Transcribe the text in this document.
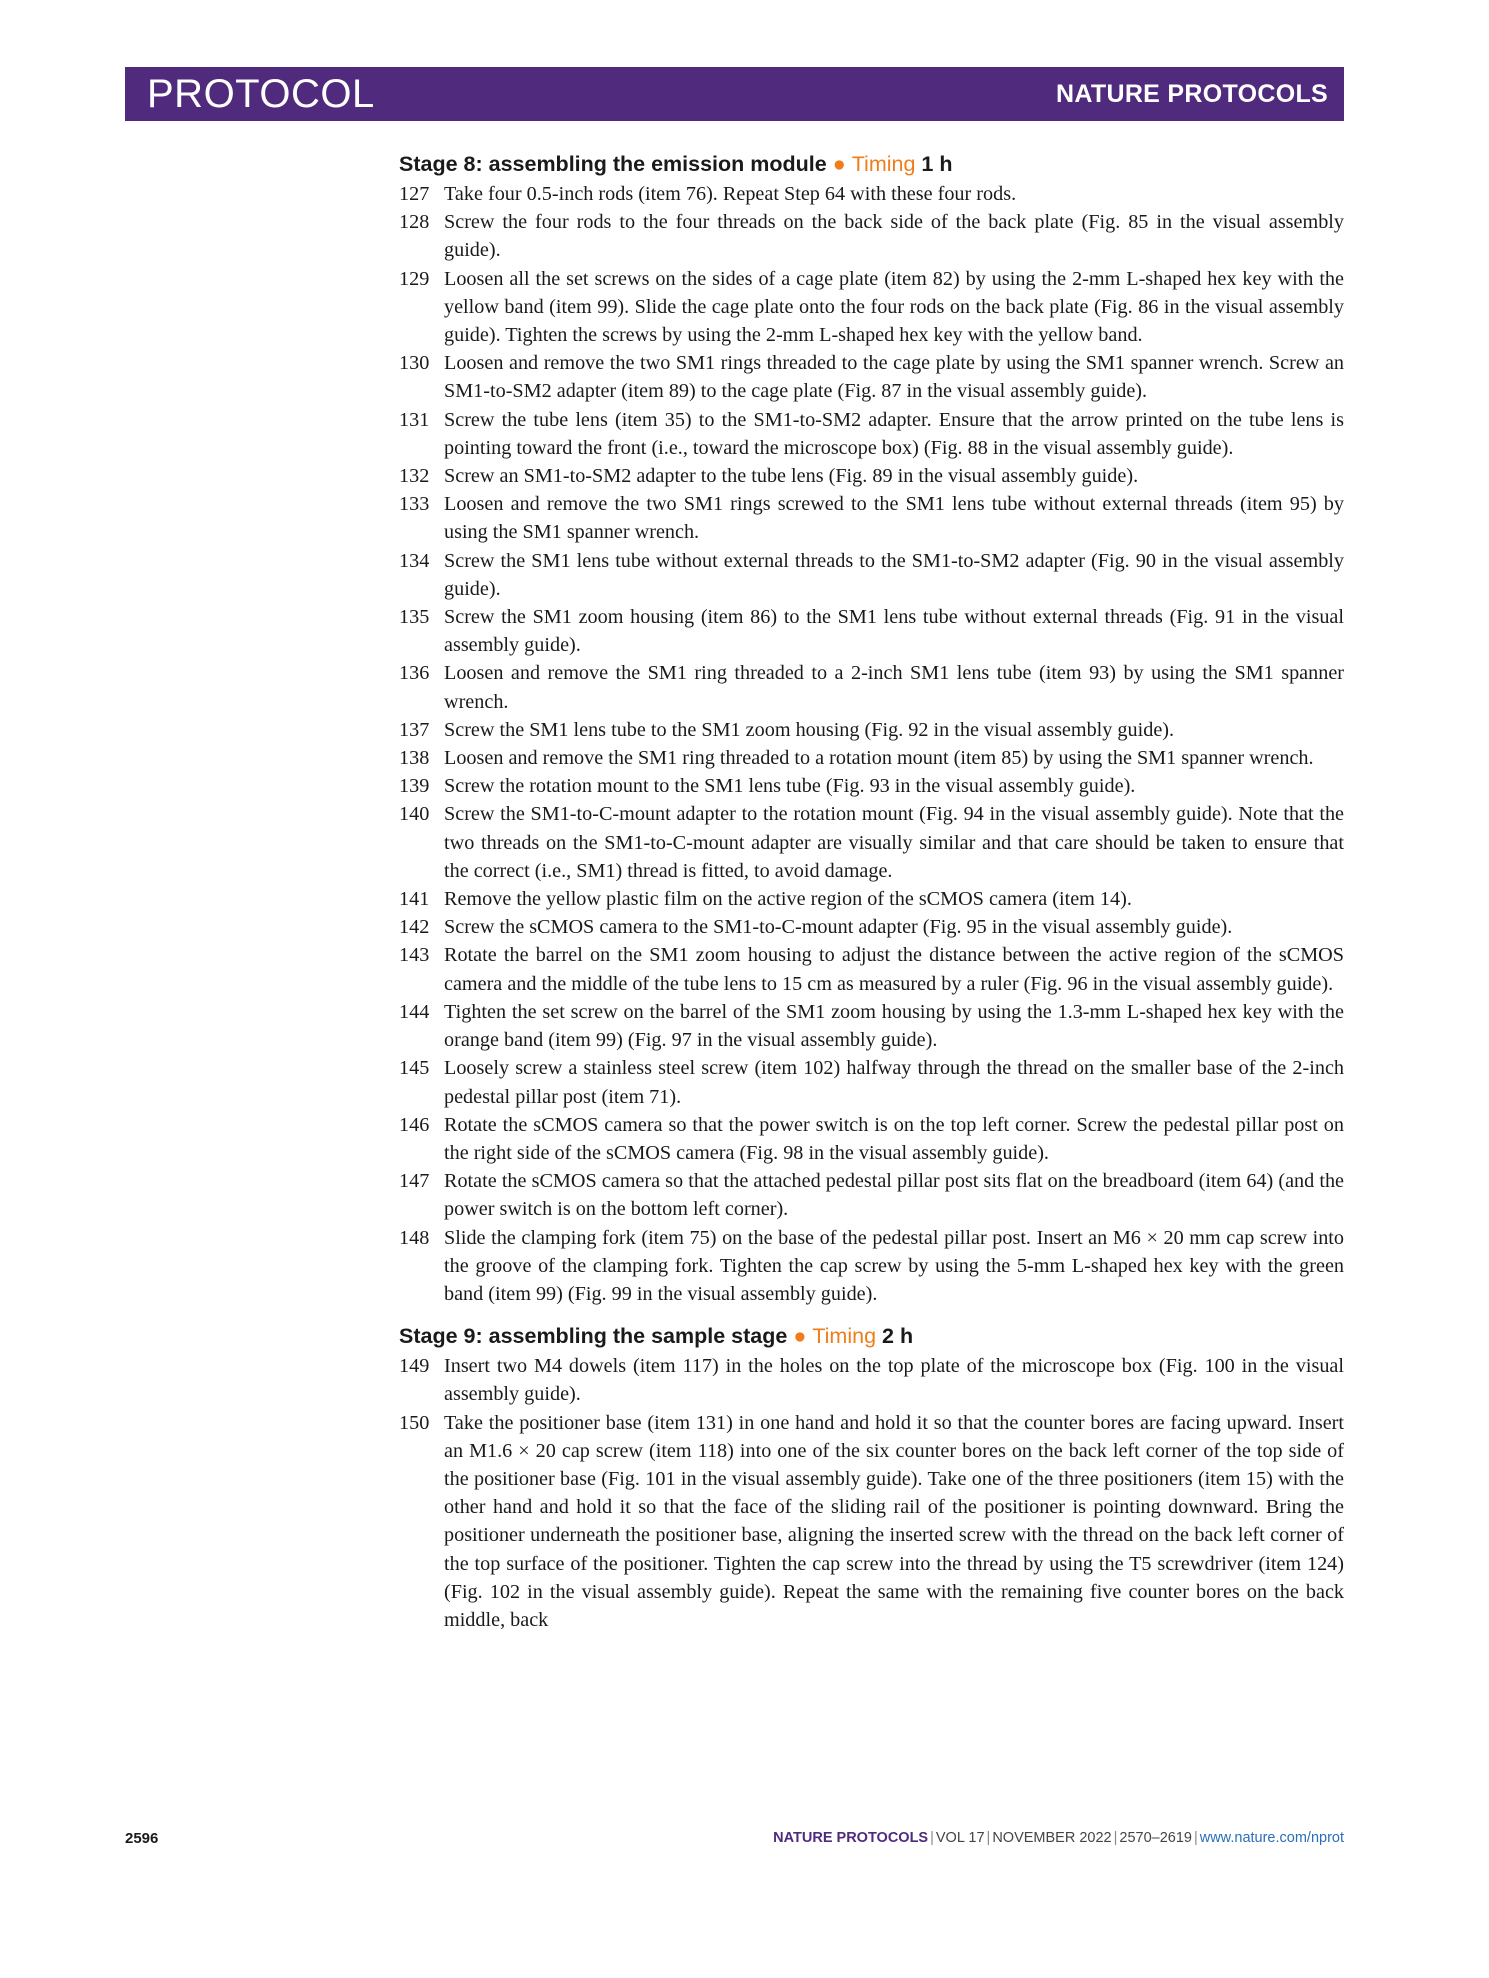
PROTOCOL	NATURE PROTOCOLS
Stage 8: assembling the emission module ● Timing 1 h
127 Take four 0.5-inch rods (item 76). Repeat Step 64 with these four rods.
128 Screw the four rods to the four threads on the back side of the back plate (Fig. 85 in the visual assembly guide).
129 Loosen all the set screws on the sides of a cage plate (item 82) by using the 2-mm L-shaped hex key with the yellow band (item 99). Slide the cage plate onto the four rods on the back plate (Fig. 86 in the visual assembly guide). Tighten the screws by using the 2-mm L-shaped hex key with the yellow band.
130 Loosen and remove the two SM1 rings threaded to the cage plate by using the SM1 spanner wrench. Screw an SM1-to-SM2 adapter (item 89) to the cage plate (Fig. 87 in the visual assembly guide).
131 Screw the tube lens (item 35) to the SM1-to-SM2 adapter. Ensure that the arrow printed on the tube lens is pointing toward the front (i.e., toward the microscope box) (Fig. 88 in the visual assembly guide).
132 Screw an SM1-to-SM2 adapter to the tube lens (Fig. 89 in the visual assembly guide).
133 Loosen and remove the two SM1 rings screwed to the SM1 lens tube without external threads (item 95) by using the SM1 spanner wrench.
134 Screw the SM1 lens tube without external threads to the SM1-to-SM2 adapter (Fig. 90 in the visual assembly guide).
135 Screw the SM1 zoom housing (item 86) to the SM1 lens tube without external threads (Fig. 91 in the visual assembly guide).
136 Loosen and remove the SM1 ring threaded to a 2-inch SM1 lens tube (item 93) by using the SM1 spanner wrench.
137 Screw the SM1 lens tube to the SM1 zoom housing (Fig. 92 in the visual assembly guide).
138 Loosen and remove the SM1 ring threaded to a rotation mount (item 85) by using the SM1 spanner wrench.
139 Screw the rotation mount to the SM1 lens tube (Fig. 93 in the visual assembly guide).
140 Screw the SM1-to-C-mount adapter to the rotation mount (Fig. 94 in the visual assembly guide). Note that the two threads on the SM1-to-C-mount adapter are visually similar and that care should be taken to ensure that the correct (i.e., SM1) thread is fitted, to avoid damage.
141 Remove the yellow plastic film on the active region of the sCMOS camera (item 14).
142 Screw the sCMOS camera to the SM1-to-C-mount adapter (Fig. 95 in the visual assembly guide).
143 Rotate the barrel on the SM1 zoom housing to adjust the distance between the active region of the sCMOS camera and the middle of the tube lens to 15 cm as measured by a ruler (Fig. 96 in the visual assembly guide).
144 Tighten the set screw on the barrel of the SM1 zoom housing by using the 1.3-mm L-shaped hex key with the orange band (item 99) (Fig. 97 in the visual assembly guide).
145 Loosely screw a stainless steel screw (item 102) halfway through the thread on the smaller base of the 2-inch pedestal pillar post (item 71).
146 Rotate the sCMOS camera so that the power switch is on the top left corner. Screw the pedestal pillar post on the right side of the sCMOS camera (Fig. 98 in the visual assembly guide).
147 Rotate the sCMOS camera so that the attached pedestal pillar post sits flat on the breadboard (item 64) (and the power switch is on the bottom left corner).
148 Slide the clamping fork (item 75) on the base of the pedestal pillar post. Insert an M6 × 20 mm cap screw into the groove of the clamping fork. Tighten the cap screw by using the 5-mm L-shaped hex key with the green band (item 99) (Fig. 99 in the visual assembly guide).
Stage 9: assembling the sample stage ● Timing 2 h
149 Insert two M4 dowels (item 117) in the holes on the top plate of the microscope box (Fig. 100 in the visual assembly guide).
150 Take the positioner base (item 131) in one hand and hold it so that the counter bores are facing upward. Insert an M1.6 × 20 cap screw (item 118) into one of the six counter bores on the back left corner of the top side of the positioner base (Fig. 101 in the visual assembly guide). Take one of the three positioners (item 15) with the other hand and hold it so that the face of the sliding rail of the positioner is pointing downward. Bring the positioner underneath the positioner base, aligning the inserted screw with the thread on the back left corner of the top surface of the positioner. Tighten the cap screw into the thread by using the T5 screwdriver (item 124) (Fig. 102 in the visual assembly guide). Repeat the same with the remaining five counter bores on the back middle, back
2596	NATURE PROTOCOLS | VOL 17 | NOVEMBER 2022 | 2570–2619 | www.nature.com/nprot
